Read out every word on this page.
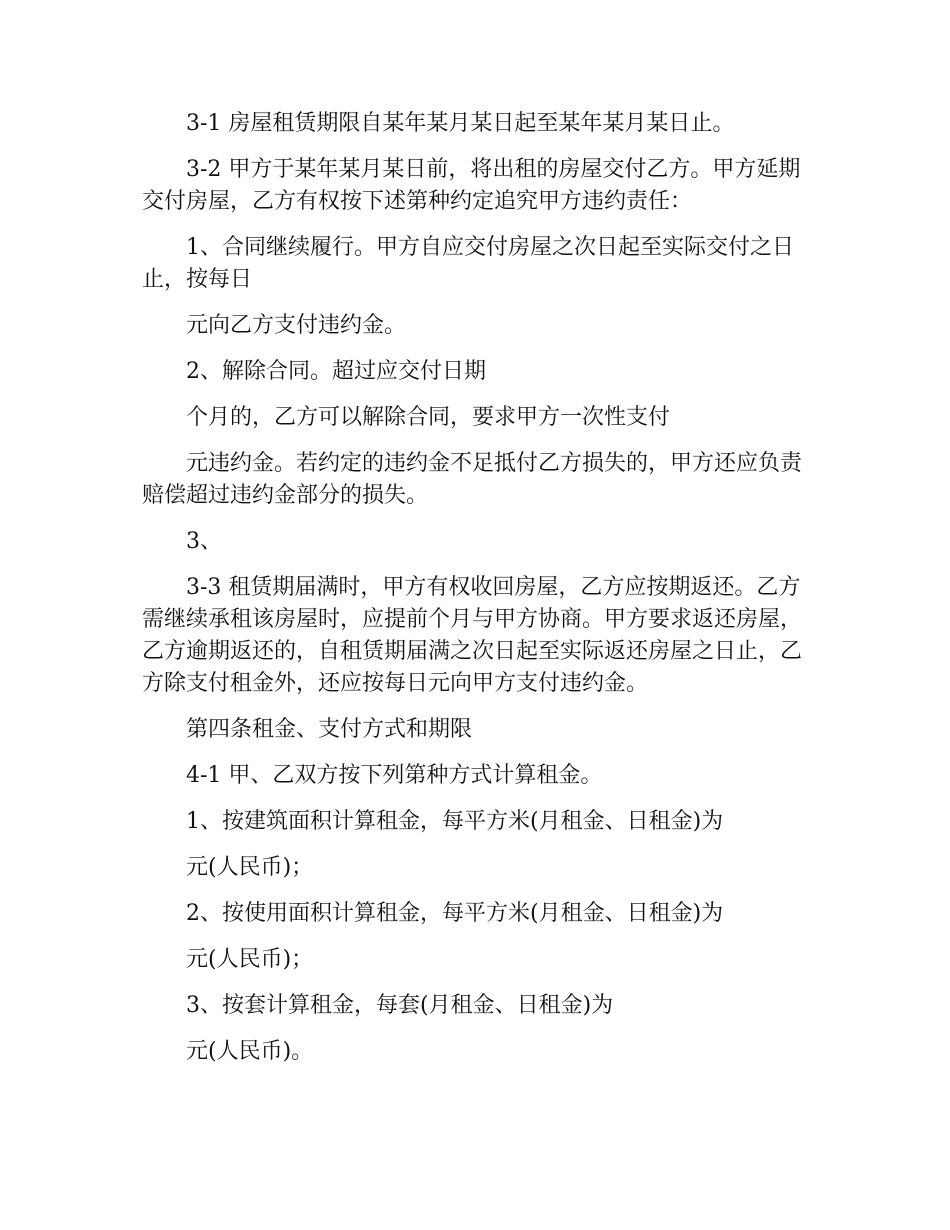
3-1 房屋租赁期限自某年某月某日起至某年某月某日止。

3-2 甲方于某年某月某日前，将出租的房屋交付乙方。甲方延期交付房屋，乙方有权按下述第种约定追究甲方违约责任：

1、合同继续履行。甲方自应交付房屋之次日起至实际交付之日止，按每日

元向乙方支付违约金。

2、解除合同。超过应交付日期

个月的，乙方可以解除合同，要求甲方一次性支付

元违约金。若约定的违约金不足抵付乙方损失的，甲方还应负责赔偿超过违约金部分的损失。

3、

3-3 租赁期届满时，甲方有权收回房屋，乙方应按期返还。乙方需继续承租该房屋时，应提前个月与甲方协商。甲方要求返还房屋，乙方逾期返还的，自租赁期届满之次日起至实际返还房屋之日止，乙方除支付租金外，还应按每日元向甲方支付违约金。

第四条租金、支付方式和期限

4-1 甲、乙双方按下列第种方式计算租金。

1、按建筑面积计算租金，每平方米(月租金、日租金)为

元(人民币)；

2、按使用面积计算租金，每平方米(月租金、日租金)为

元(人民币)；

3、按套计算租金，每套(月租金、日租金)为

元(人民币)。
